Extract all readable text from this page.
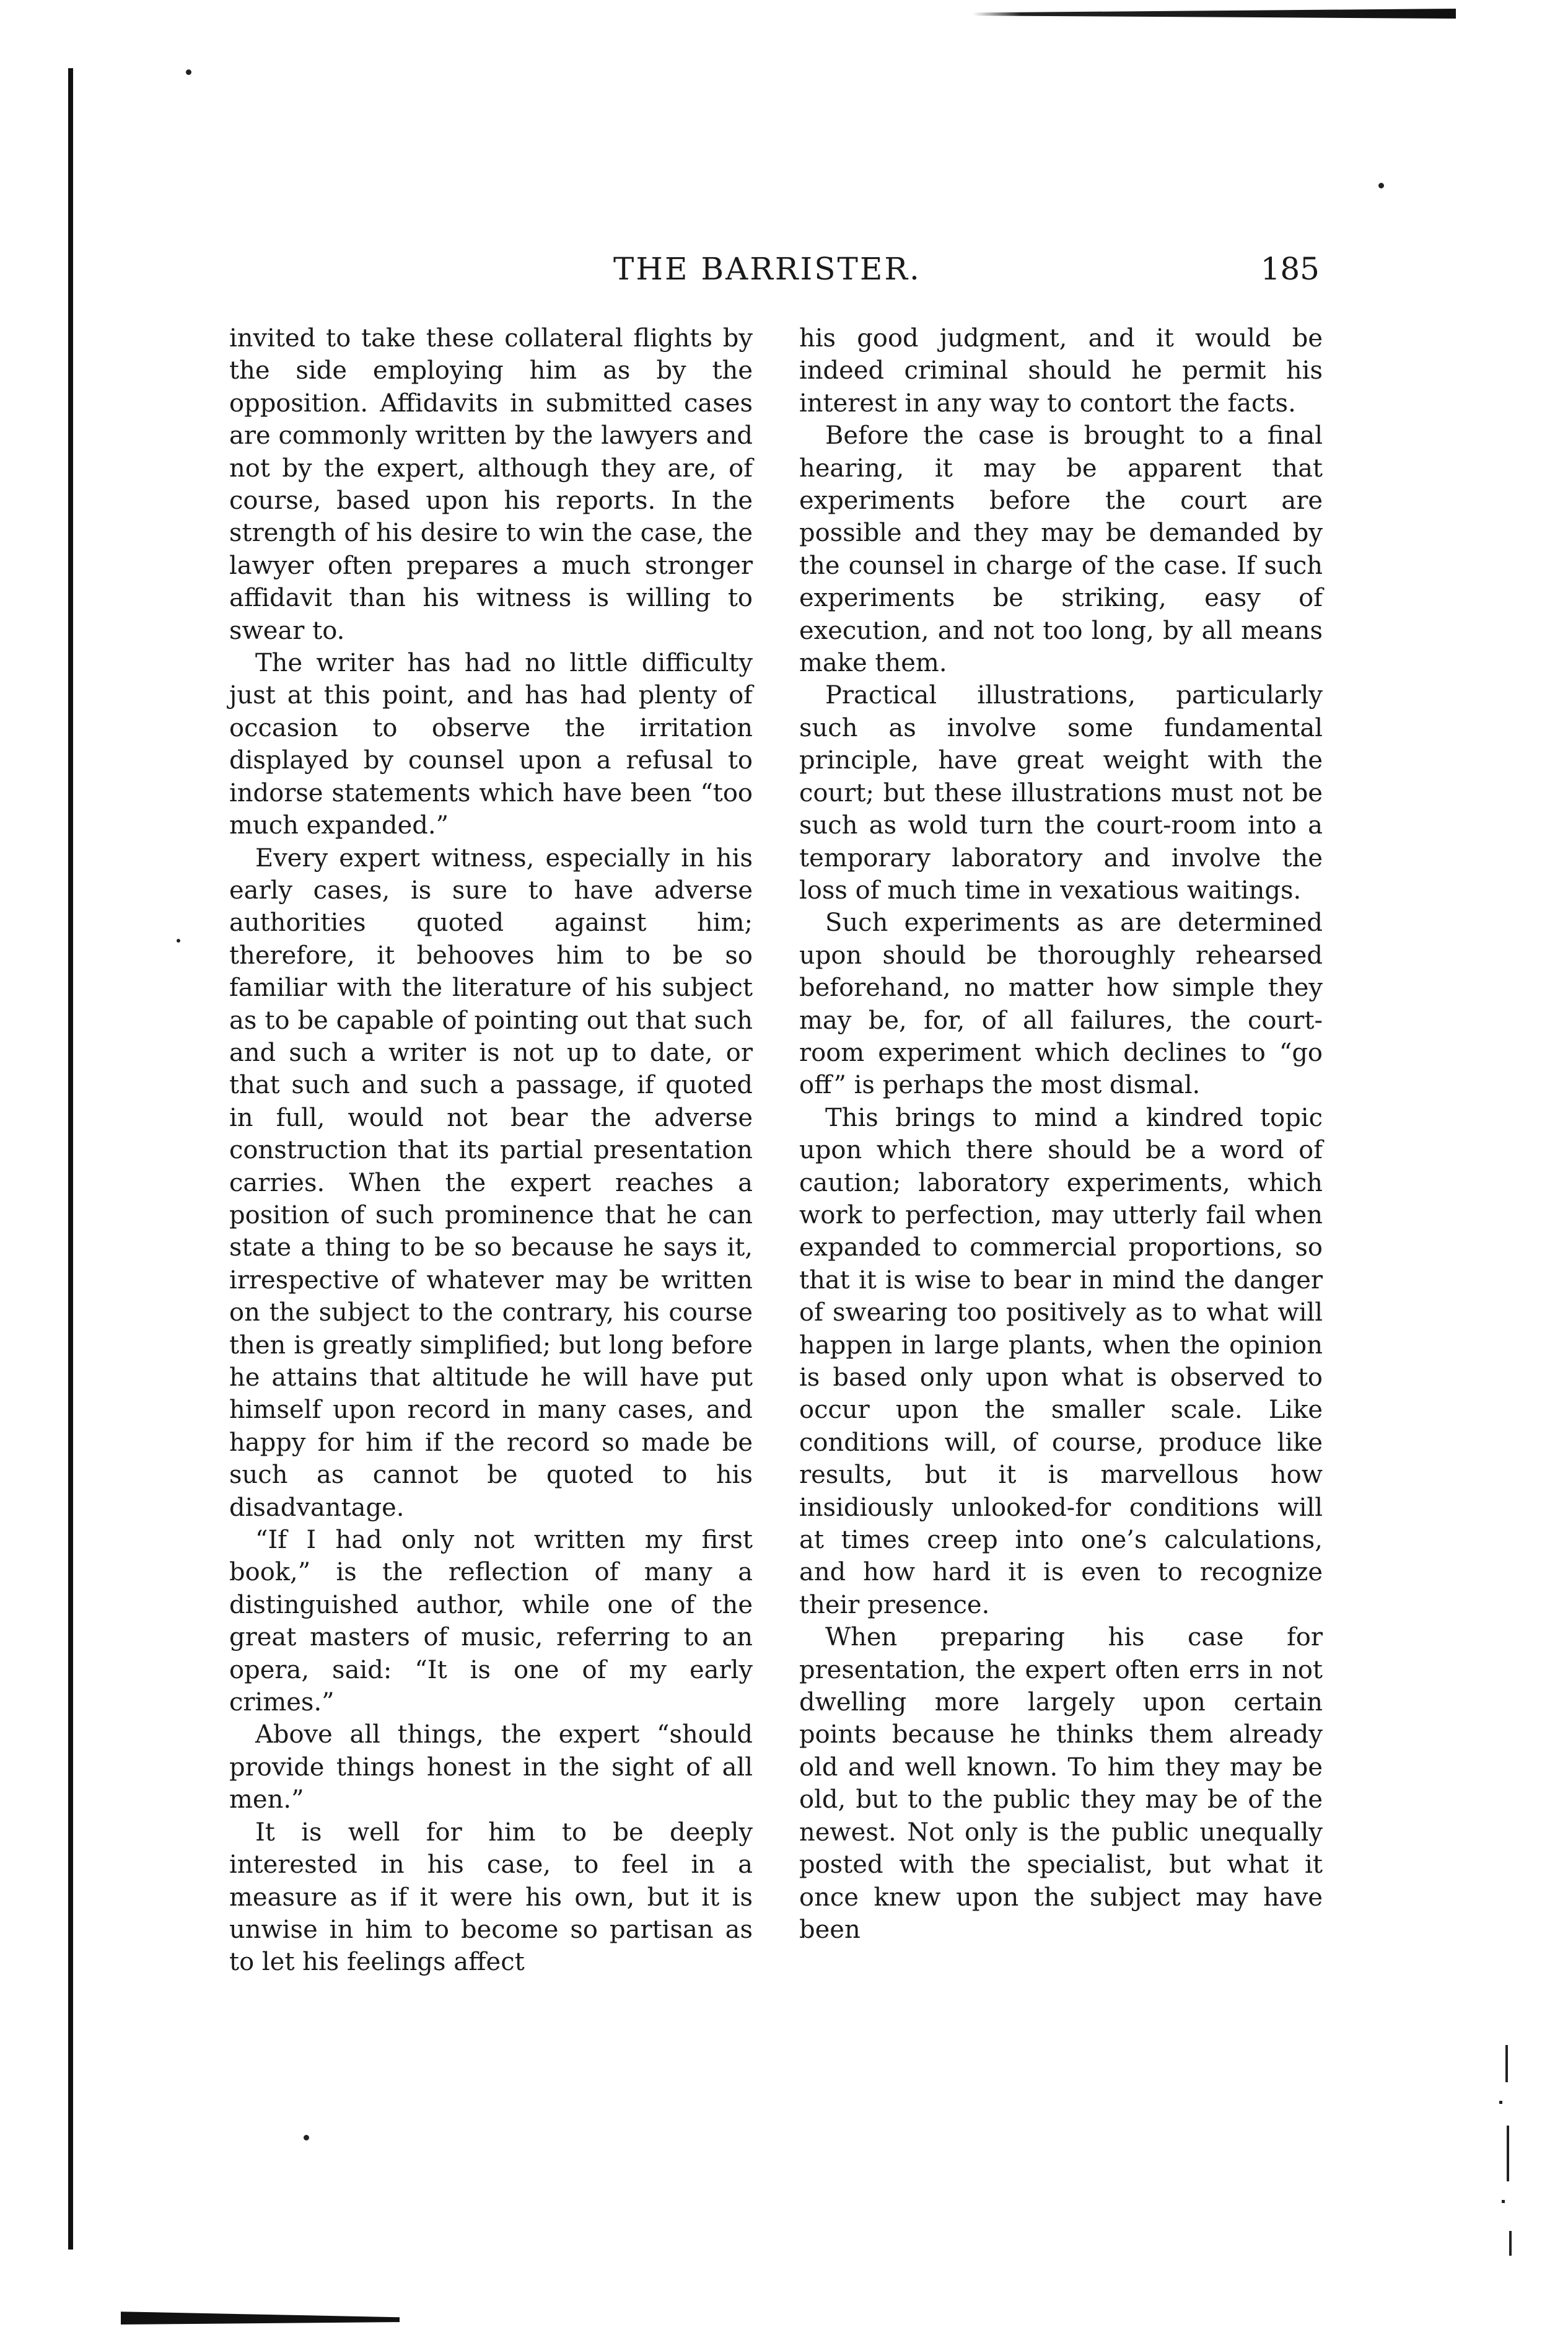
THE BARRISTER.	185

invited to take these collateral flights by the side employing him as by the opposition. Affidavits in submitted cases are commonly written by the lawyers and not by the expert, although they are, of course, based upon his reports. In the strength of his desire to win the case, the lawyer often prepares a much stronger affidavit than his witness is willing to swear to.

The writer has had no little difficulty just at this point, and has had plenty of occasion to observe the irritation displayed by counsel upon a refusal to indorse statements which have been “too much expanded.”

Every expert witness, especially in his early cases, is sure to have adverse authorities quoted against him; therefore, it behooves him to be so familiar with the literature of his subject as to be capable of pointing out that such and such a writer is not up to date, or that such and such a passage, if quoted in full, would not bear the adverse construction that its partial presentation carries. When the expert reaches a position of such prominence that he can state a thing to be so because he says it, irrespective of whatever may be written on the subject to the contrary, his course then is greatly simplified; but long before he attains that altitude he will have put himself upon record in many cases, and happy for him if the record so made be such as cannot be quoted to his disadvantage.

“If I had only not written my first book,” is the reflection of many a distinguished author, while one of the great masters of music, referring to an opera, said: “It is one of my early crimes.”

Above all things, the expert “should provide things honest in the sight of all men.”

It is well for him to be deeply interested in his case, to feel in a measure as if it were his own, but it is unwise in him to become so partisan as to let his feelings affect

his good judgment, and it would be indeed criminal should he permit his interest in any way to contort the facts.

Before the case is brought to a final hearing, it may be apparent that experiments before the court are possible and they may be demanded by the counsel in charge of the case. If such experiments be striking, easy of execution, and not too long, by all means make them.

Practical illustrations, particularly such as involve some fundamental principle, have great weight with the court; but these illustrations must not be such as wold turn the court-room into a temporary laboratory and involve the loss of much time in vexatious waitings.

Such experiments as are determined upon should be thoroughly rehearsed beforehand, no matter how simple they may be, for, of all failures, the court-room experiment which declines to “go off” is perhaps the most dismal.

This brings to mind a kindred topic upon which there should be a word of caution; laboratory experiments, which work to perfection, may utterly fail when expanded to commercial proportions, so that it is wise to bear in mind the danger of swearing too positively as to what will happen in large plants, when the opinion is based only upon what is observed to occur upon the smaller scale. Like conditions will, of course, produce like results, but it is marvellous how insidiously unlooked-for conditions will at times creep into one’s calculations, and how hard it is even to recognize their presence.

When preparing his case for presentation, the expert often errs in not dwelling more largely upon certain points because he thinks them already old and well known. To him they may be old, but to the public they may be of the newest. Not only is the public unequally posted with the specialist, but what it once knew upon the subject may have been
